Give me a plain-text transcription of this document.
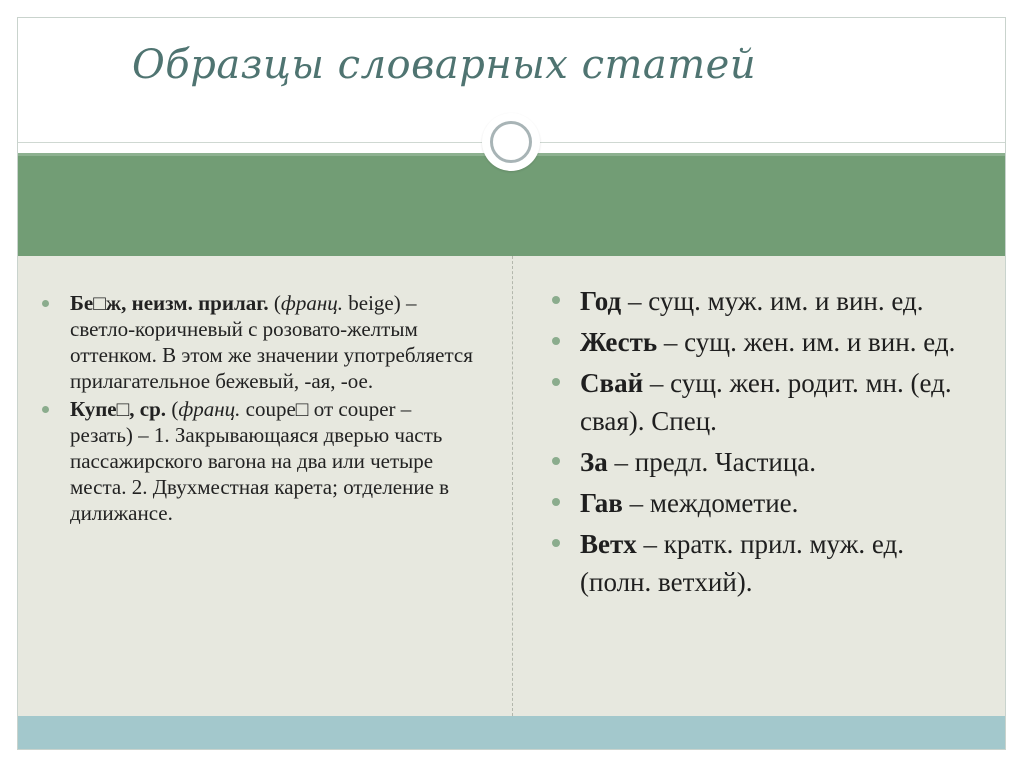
Образцы словарных статей
Бе□ж, неизм. прилаг. (франц. beige) – светло-коричневый с розовато-желтым оттенком. В этом же значении употребляется прилагательное бежевый, -ая, -ое.
Купе□, ср. (франц. coupe□ от couper – резать) – 1. Закрывающаяся дверью часть пассажирского вагона на два или четыре места. 2. Двухместная карета; отделение в дилижансе.
Год – сущ. муж. им. и вин. ед.
Жесть – сущ. жен. им. и вин. ед.
Свай – сущ. жен. родит. мн. (ед. свая). Спец.
За – предл. Частица.
Гав – междометие.
Ветх – кратк. прил. муж. ед. (полн. ветхий).
